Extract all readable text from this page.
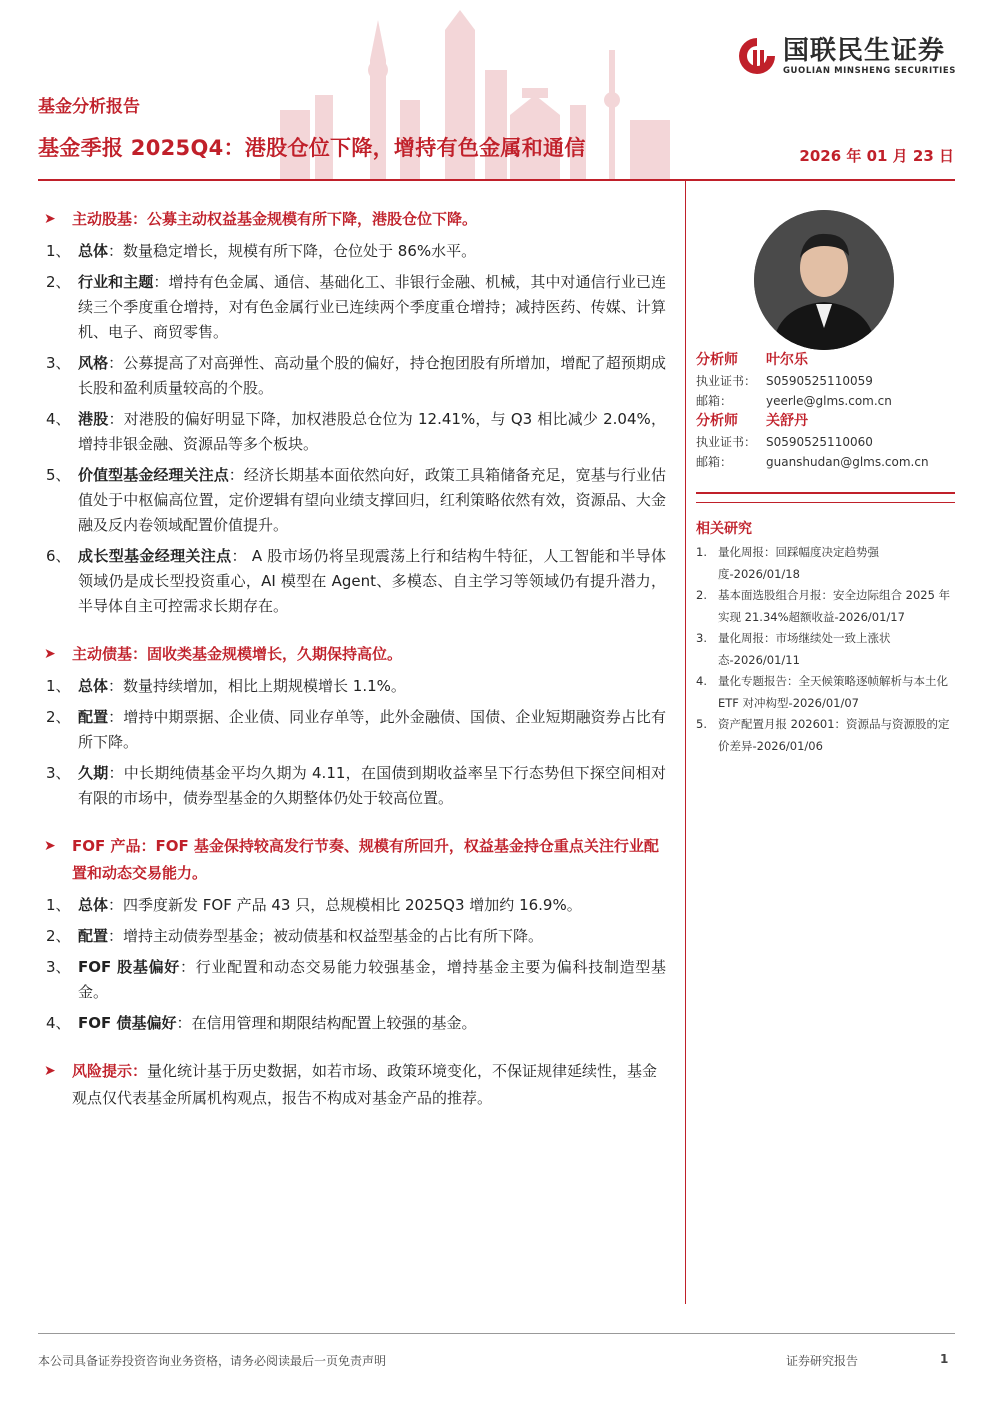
国联民生证券
GUOLIAN MINSHENG SECURITIES
基金分析报告
基金季报 2025Q4：港股仓位下降，增持有色金属和通信	2026 年 01 月 23 日
➤	主动股基：公募主动权益基金规模有所下降，港股仓位下降。
1、 总体：数量稳定增长，规模有所下降，仓位处于 86%水平。
2、 行业和主题：增持有色金属、通信、基础化工、非银行金融、机械，其中对通信行业已连续三个季度重仓增持，对有色金属行业已连续两个季度重仓增持；减持医药、传媒、计算机、电子、商贸零售。
3、 风格：公募提高了对高弹性、高动量个股的偏好，持仓抱团股有所增加，增配了超预期成长股和盈利质量较高的个股。
4、 港股：对港股的偏好明显下降，加权港股总仓位为 12.41%，与 Q3 相比减少 2.04%，增持非银金融、资源品等多个板块。
5、 价值型基金经理关注点：经济长期基本面依然向好，政策工具箱储备充足，宽基与行业估值处于中枢偏高位置，定价逻辑有望向业绩支撑回归，红利策略依然有效，资源品、大金融及反内卷领域配置价值提升。
6、 成长型基金经理关注点： A 股市场仍将呈现震荡上行和结构牛特征，人工智能和半导体领域仍是成长型投资重心，AI 模型在 Agent、多模态、自主学习等领域仍有提升潜力，半导体自主可控需求长期存在。
➤	主动债基：固收类基金规模增长，久期保持高位。
1、 总体：数量持续增加，相比上期规模增长 1.1%。
2、 配置：增持中期票据、企业债、同业存单等，此外金融债、国债、企业短期融资券占比有所下降。
3、 久期：中长期纯债基金平均久期为 4.11，在国债到期收益率呈下行态势但下探空间相对有限的市场中，债券型基金的久期整体仍处于较高位置。
➤	FOF 产品：FOF 基金保持较高发行节奏、规模有所回升，权益基金持仓重点关注行业配置和动态交易能力。
1、 总体：四季度新发 FOF 产品 43 只，总规模相比 2025Q3 增加约 16.9%。
2、 配置：增持主动债券型基金；被动债基和权益型基金的占比有所下降。
3、 FOF 股基偏好：行业配置和动态交易能力较强基金，增持基金主要为偏科技制造型基金。
4、 FOF 债基偏好：在信用管理和期限结构配置上较强的基金。
➤	风险提示：量化统计基于历史数据，如若市场、政策环境变化，不保证规律延续性，基金观点仅代表基金所属机构观点，报告不构成对基金产品的推荐。
分析师	叶尔乐
执业证书： S0590525110059
邮箱：	yeerle@glms.com.cn
分析师	关舒丹
执业证书： S0590525110060
邮箱：	guanshudan@glms.com.cn
相关研究
1. 量化周报：回踩幅度决定趋势强度-2026/01/18
2. 基本面选股组合月报：安全边际组合 2025 年实现 21.34%超额收益-2026/01/17
3. 量化周报：市场继续处一致上涨状态-2026/01/11
4. 量化专题报告：全天候策略逐帧解析与本土化 ETF 对冲构型-2026/01/07
5. 资产配置月报 202601：资源品与资源股的定价差异-2026/01/06
本公司具备证券投资咨询业务资格，请务必阅读最后一页免责声明	证券研究报告	1
